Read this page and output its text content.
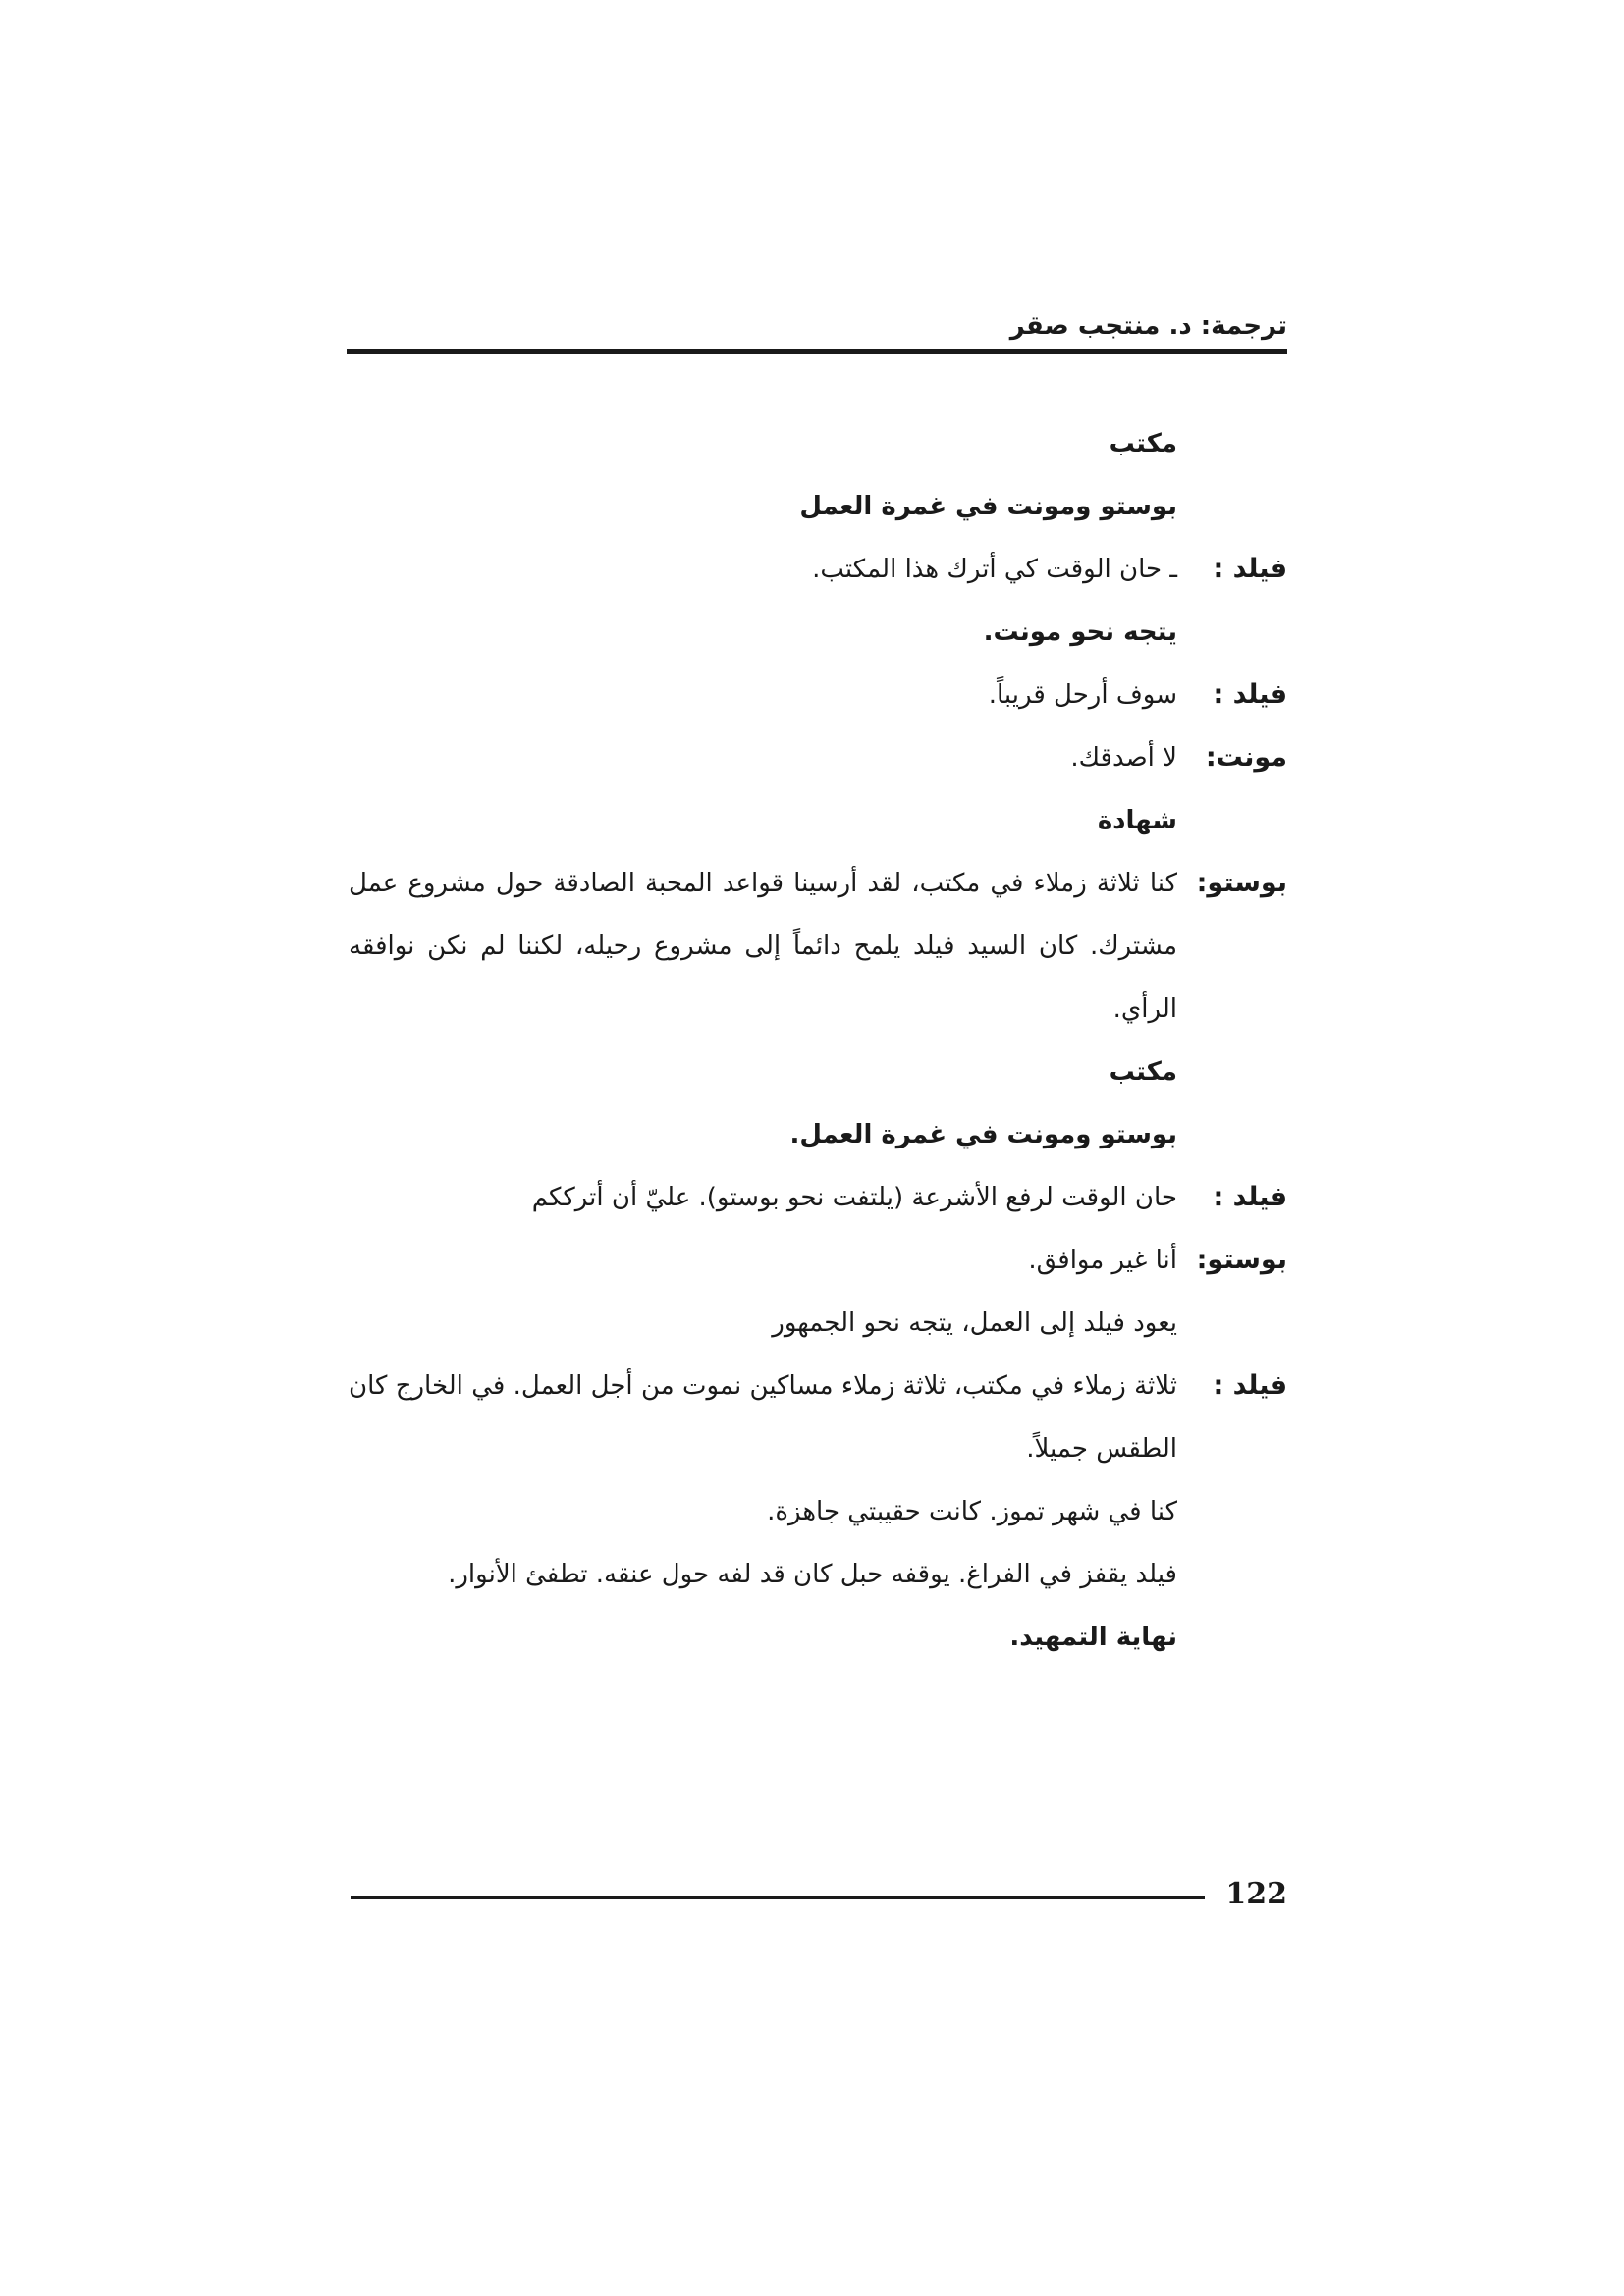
ترجمة: د. منتجب صقر
مكتب
بوستو ومونت في غمرة العمل
فيلد :
ـ حان الوقت كي أترك هذا المكتب.
يتجه نحو مونت.
فيلد :
سوف أرحل قريباً.
مونت:
لا أصدقك.
شهادة
بوستو:
كنا ثلاثة زملاء في مكتب، لقد أرسينا قواعد المحبة الصادقة حول مشروع عمل مشترك. كان السيد فيلد يلمح دائماً إلى مشروع رحيله، لكننا لم نكن نوافقه الرأي.
مكتب
بوستو ومونت في غمرة العمل.
فيلد :
حان الوقت لرفع الأشرعة (يلتفت نحو بوستو). عليّ أن أترككم
بوستو:
أنا غير موافق.
يعود فيلد إلى العمل، يتجه نحو الجمهور
فيلد :
ثلاثة زملاء في مكتب، ثلاثة زملاء مساكين نموت من أجل العمل. في الخارج كان الطقس جميلاً.
كنا في شهر تموز. كانت حقيبتي جاهزة.
فيلد يقفز في الفراغ. يوقفه حبل كان قد لفه حول عنقه. تطفئ الأنوار.
نهاية التمهيد.
122
